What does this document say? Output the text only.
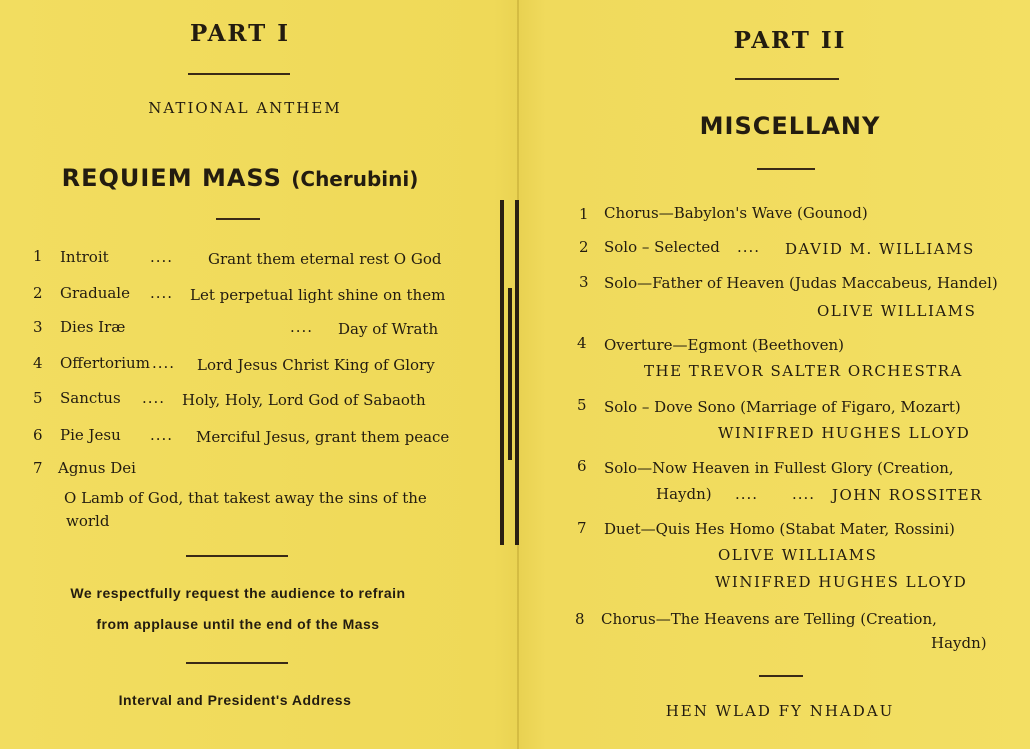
PART I
NATIONAL ANTHEM
REQUIEM MASS (Cherubini)
1 Introit	.... Grant them eternal rest O God
2 Graduale .... Let perpetual light shine on them
3 Dies Iræ	.... Day of Wrath
4 Offertorium .... Lord Jesus Christ King of Glory
5 Sanctus .... Holy, Holy, Lord God of Sabaoth
6 Pie Jesu .... Merciful Jesus, grant them peace
7 Agnus Dei
O Lamb of God, that takest away the sins of the
world
We respectfully request the audience to refrain
from applause until the end of the Mass
Interval and President's Address
PART II
MISCELLANY
1 Chorus—Babylon's Wave (Gounod)
2 Solo – Selected .... DAVID M. WILLIAMS
3 Solo—Father of Heaven (Judas Maccabeus, Handel)
OLIVE WILLIAMS
4 Overture—Egmont (Beethoven)
THE TREVOR SALTER ORCHESTRA
5 Solo – Dove Sono (Marriage of Figaro, Mozart)
WINIFRED HUGHES LLOYD
6 Solo—Now Heaven in Fullest Glory (Creation,
Haydn) .... .... JOHN ROSSITER
7 Duet—Quis Hes Homo (Stabat Mater, Rossini)
OLIVE WILLIAMS
WINIFRED HUGHES LLOYD
8 Chorus—The Heavens are Telling (Creation,
Haydn)
HEN WLAD FY NHADAU
